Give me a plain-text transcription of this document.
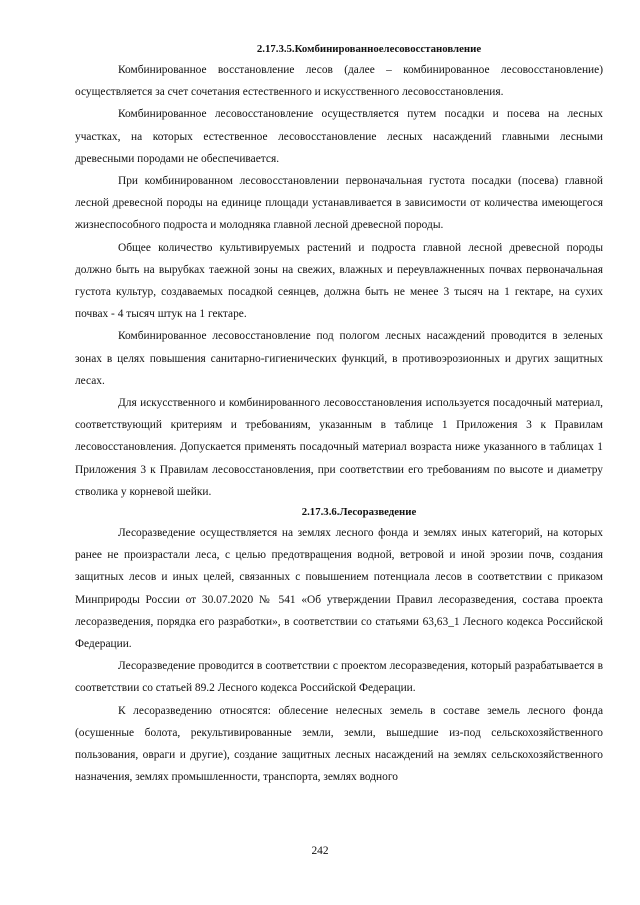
2.17.3.5.Комбинированноелесовосстановление

Комбинированное восстановление лесов (далее – комбинированное лесовосстановление) осуществляется за счет сочетания естественного и искусственного лесовосстановления.

Комбинированное лесовосстановление осуществляется путем посадки и посева на лесных участках, на которых естественное лесовосстановление лесных насаждений главными лесными древесными породами не обеспечивается.

При комбинированном лесовосстановлении первоначальная густота посадки (посева) главной лесной древесной породы на единице площади устанавливается в зависимости от количества имеющегося жизнеспособного подроста и молодняка главной лесной древесной породы.

Общее количество культивируемых растений и подроста главной лесной древесной породы должно быть на вырубках таежной зоны на свежих, влажных и переувлажненных почвах первоначальная густота культур, создаваемых посадкой сеянцев, должна быть не менее 3 тысяч на 1 гектаре, на сухих почвах - 4 тысяч штук на 1 гектаре.

Комбинированное лесовосстановление под пологом лесных насаждений проводится в зеленых зонах в целях повышения санитарно-гигиенических функций, в противоэрозионных и других защитных лесах.

Для искусственного и комбинированного лесовосстановления используется посадочный материал, соответствующий критериям и требованиям, указанным в таблице 1 Приложения 3 к Правилам лесовосстановления. Допускается применять посадочный материал возраста ниже указанного в таблицах 1 Приложения 3 к Правилам лесовосстановления, при соответствии его требованиям по высоте и диаметру стволика у корневой шейки.

2.17.3.6.Лесоразведение

Лесоразведение осуществляется на землях лесного фонда и землях иных категорий, на которых ранее не произрастали леса, с целью предотвращения водной, ветровой и иной эрозии почв, создания защитных лесов и иных целей, связанных с повышением потенциала лесов в соответствии с приказом Минприроды России от 30.07.2020 № 541 «Об утверждении Правил лесоразведения, состава проекта лесоразведения, порядка его разработки», в соответствии со статьями 63,63_1 Лесного кодекса Российской Федерации.

Лесоразведение проводится в соответствии с проектом лесоразведения, который разрабатывается в соответствии со статьей 89.2 Лесного кодекса Российской Федерации.

К лесоразведению относятся: облесение нелесных земель в составе земель лесного фонда (осушенные болота, рекультивированные земли, земли, вышедшие из-под сельскохозяйственного пользования, овраги и другие), создание защитных лесных насаждений на землях сельскохозяйственного назначения, землях промышленности, транспорта, землях водного

242
